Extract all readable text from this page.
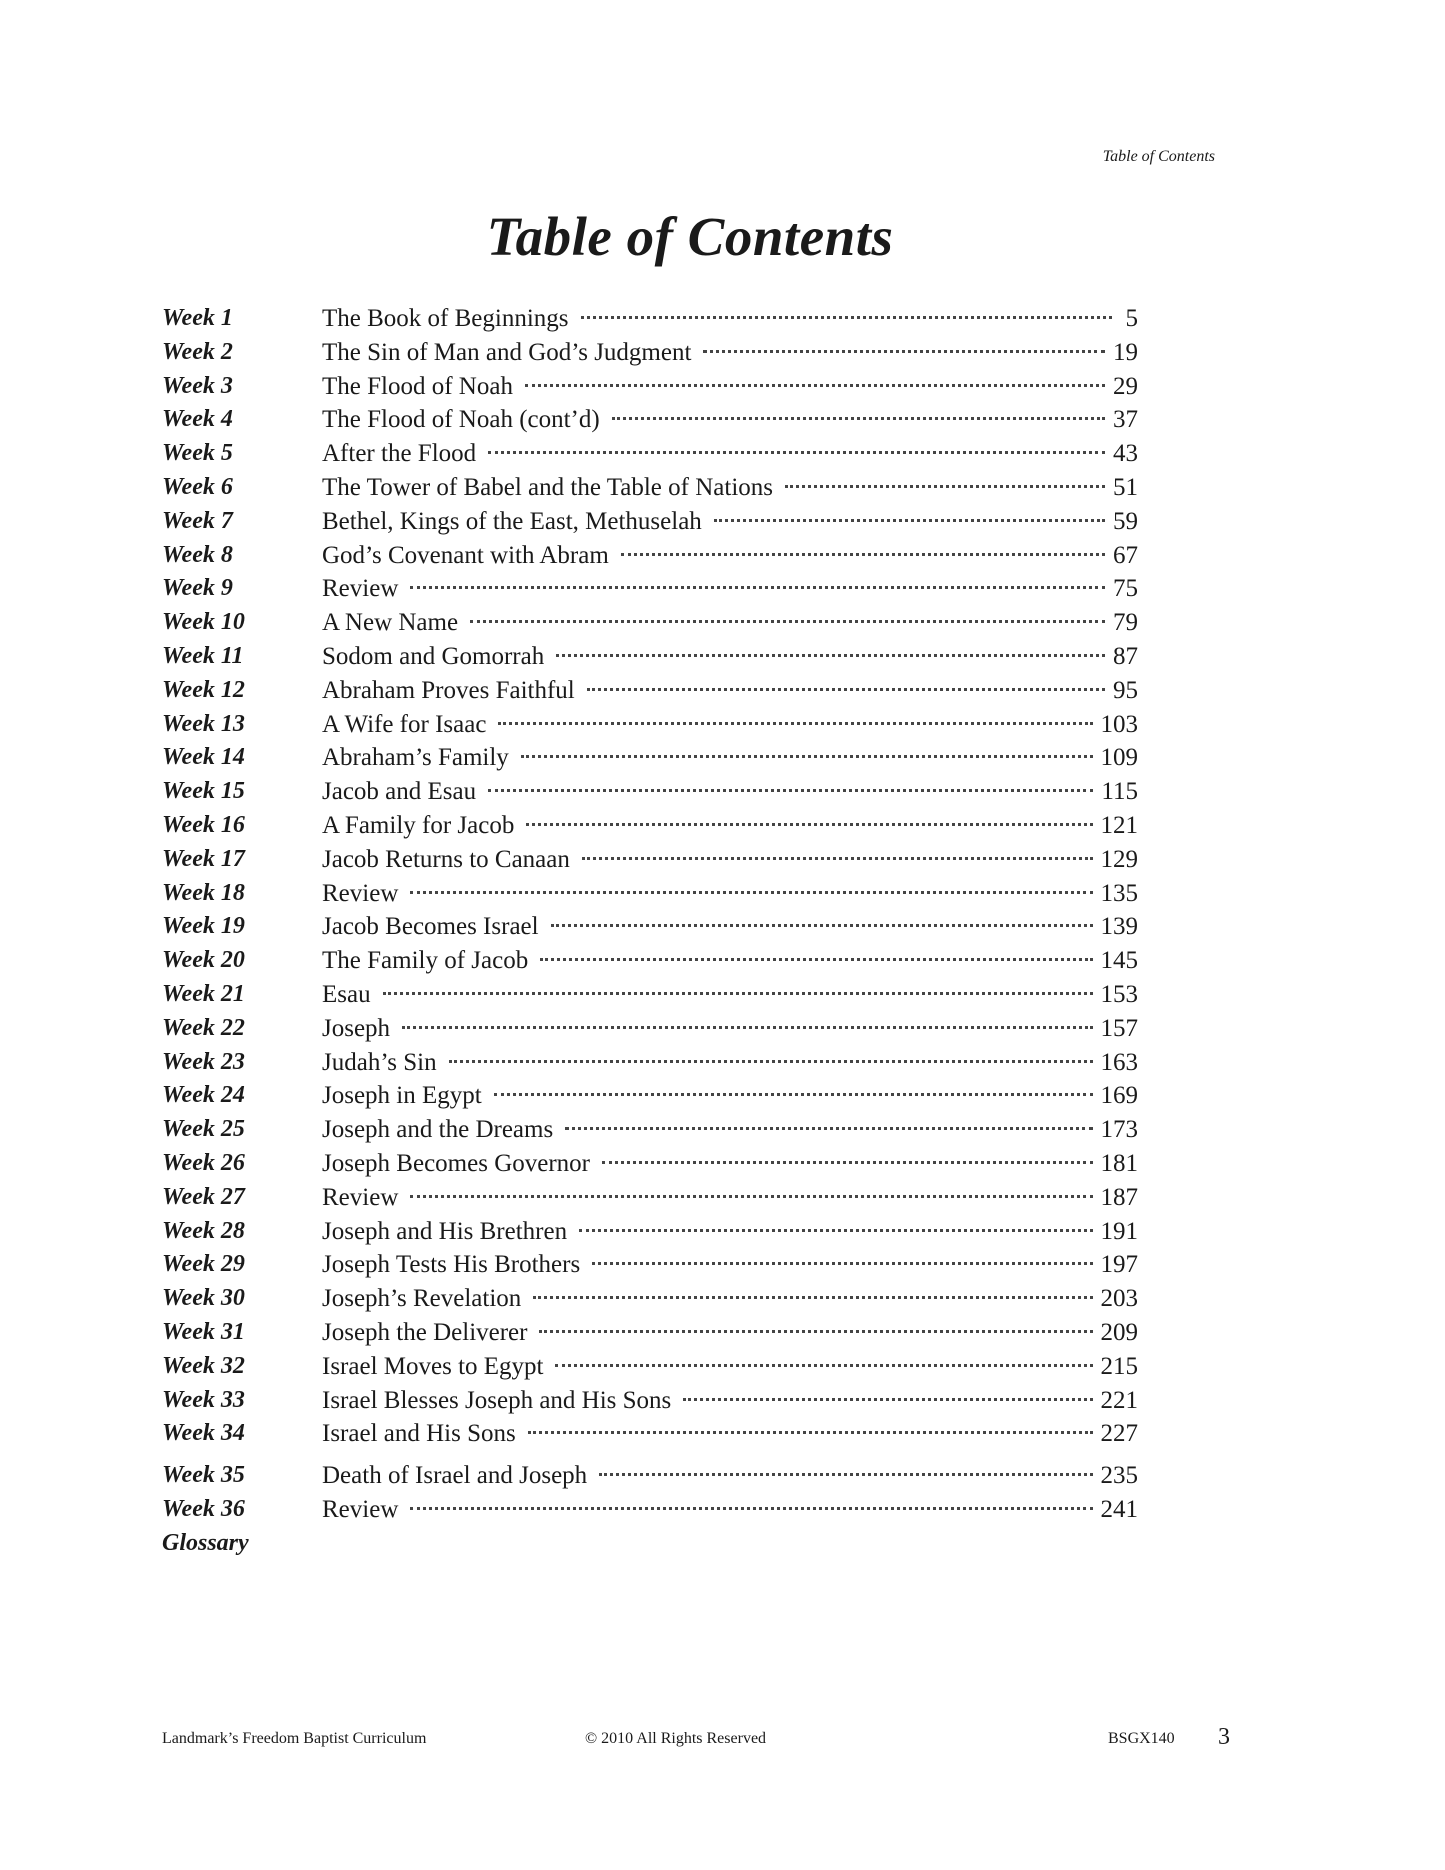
Table of Contents
Table of Contents
Week 1	The Book of Beginnings	5
Week 2	The Sin of Man and God’s Judgment	19
Week 3	The Flood of Noah	29
Week 4	The Flood of Noah (cont’d)	37
Week 5	After the Flood	43
Week 6	The Tower of Babel and the Table of Nations	51
Week 7	Bethel, Kings of the East, Methuselah	59
Week 8	God’s Covenant with Abram	67
Week 9	Review	75
Week 10	A New Name	79
Week 11	Sodom and Gomorrah	87
Week 12	Abraham Proves Faithful	95
Week 13	A Wife for Isaac	103
Week 14	Abraham’s Family	109
Week 15	Jacob and Esau	115
Week 16	A Family for Jacob	121
Week 17	Jacob Returns to Canaan	129
Week 18	Review	135
Week 19	Jacob Becomes Israel	139
Week 20	The Family of Jacob	145
Week 21	Esau	153
Week 22	Joseph	157
Week 23	Judah’s Sin	163
Week 24	Joseph in Egypt	169
Week 25	Joseph and the Dreams	173
Week 26	Joseph Becomes Governor	181
Week 27	Review	187
Week 28	Joseph and His Brethren	191
Week 29	Joseph Tests His Brothers	197
Week 30	Joseph’s Revelation	203
Week 31	Joseph the Deliverer	209
Week 32	Israel Moves to Egypt	215
Week 33	Israel Blesses Joseph and His Sons	221
Week 34	Israel and His Sons	227
Week 35	Death of Israel and Joseph	235
Week 36	Review	241
Glossary
Landmark’s Freedom Baptist Curriculum	© 2010 All Rights Reserved	BSGX140 3
